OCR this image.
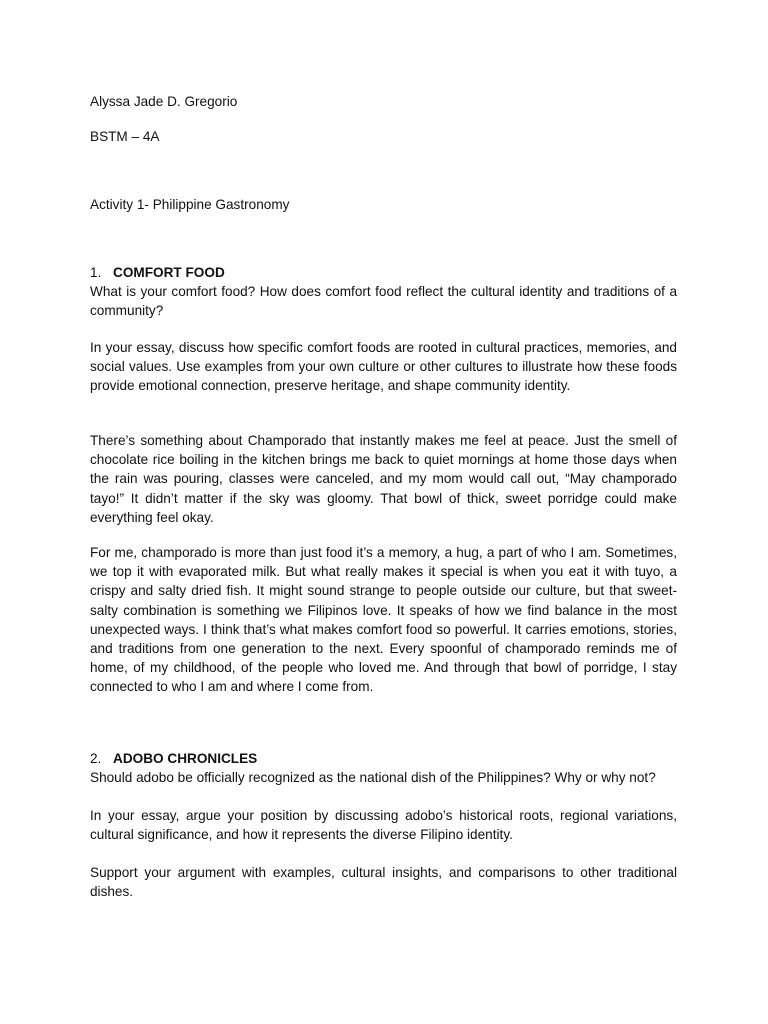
Alyssa Jade D. Gregorio

BSTM – 4A

Activity 1- Philippine Gastronomy

1. COMFORT FOOD

What is your comfort food? How does comfort food reflect the cultural identity and traditions of a community?

In your essay, discuss how specific comfort foods are rooted in cultural practices, memories, and social values. Use examples from your own culture or other cultures to illustrate how these foods provide emotional connection, preserve heritage, and shape community identity.

There’s something about Champorado that instantly makes me feel at peace. Just the smell of chocolate rice boiling in the kitchen brings me back to quiet mornings at home those days when the rain was pouring, classes were canceled, and my mom would call out, “May champorado tayo!” It didn’t matter if the sky was gloomy. That bowl of thick, sweet porridge could make everything feel okay.

For me, champorado is more than just food it’s a memory, a hug, a part of who I am. Sometimes, we top it with evaporated milk. But what really makes it special is when you eat it with tuyo, a crispy and salty dried fish. It might sound strange to people outside our culture, but that sweet-salty combination is something we Filipinos love. It speaks of how we find balance in the most unexpected ways. I think that’s what makes comfort food so powerful. It carries emotions, stories, and traditions from one generation to the next. Every spoonful of champorado reminds me of home, of my childhood, of the people who loved me. And through that bowl of porridge, I stay connected to who I am and where I come from.

2. ADOBO CHRONICLES

Should adobo be officially recognized as the national dish of the Philippines? Why or why not?

In your essay, argue your position by discussing adobo’s historical roots, regional variations, cultural significance, and how it represents the diverse Filipino identity.

Support your argument with examples, cultural insights, and comparisons to other traditional dishes.
